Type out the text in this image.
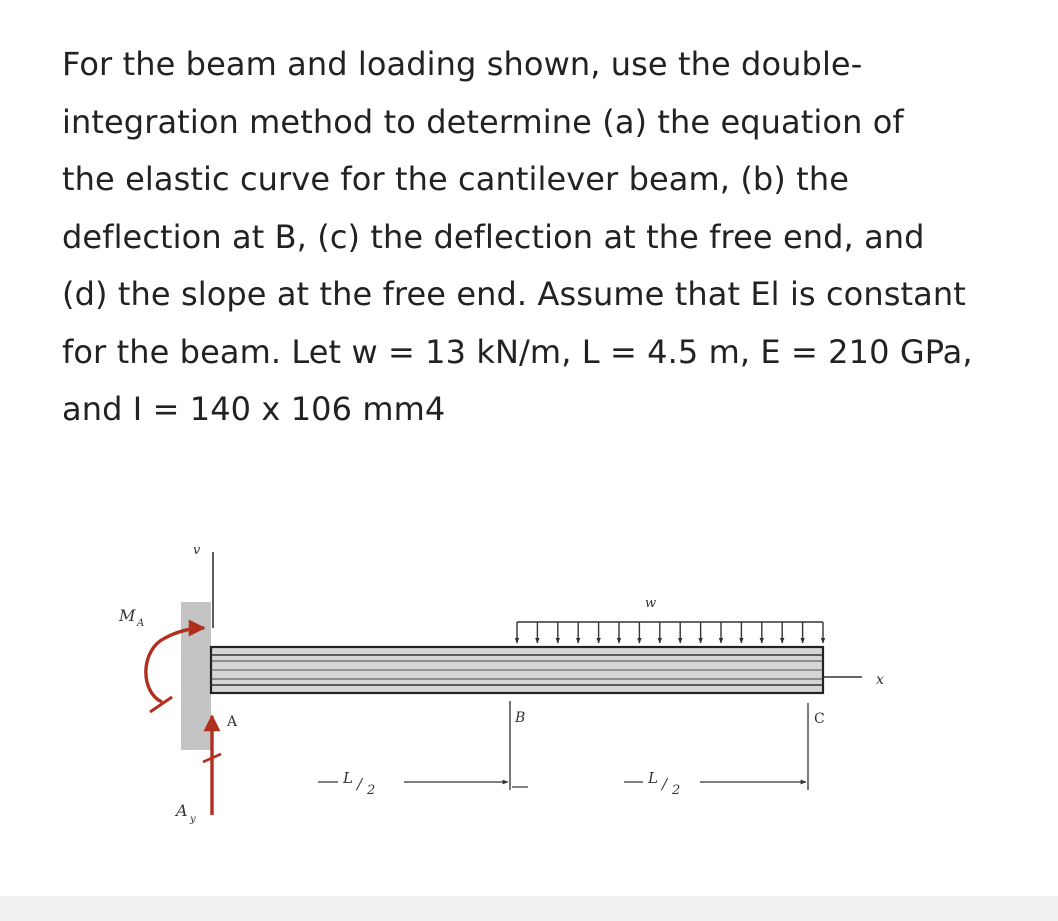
For the beam and loading shown, use the double-
integration method to determine (a) the equation of
the elastic curve for the cantilever beam, (b) the
deflection at B, (c) the deflection at the free end, and
(d) the slope at the free end. Assume that El is constant
for the beam. Let w = 13 kN/m, L = 4.5 m, E = 210 GPa,
and I = 140 x 106 mm4
v
x
w
M A
A
A y
B	C
L / 2
L / 2
